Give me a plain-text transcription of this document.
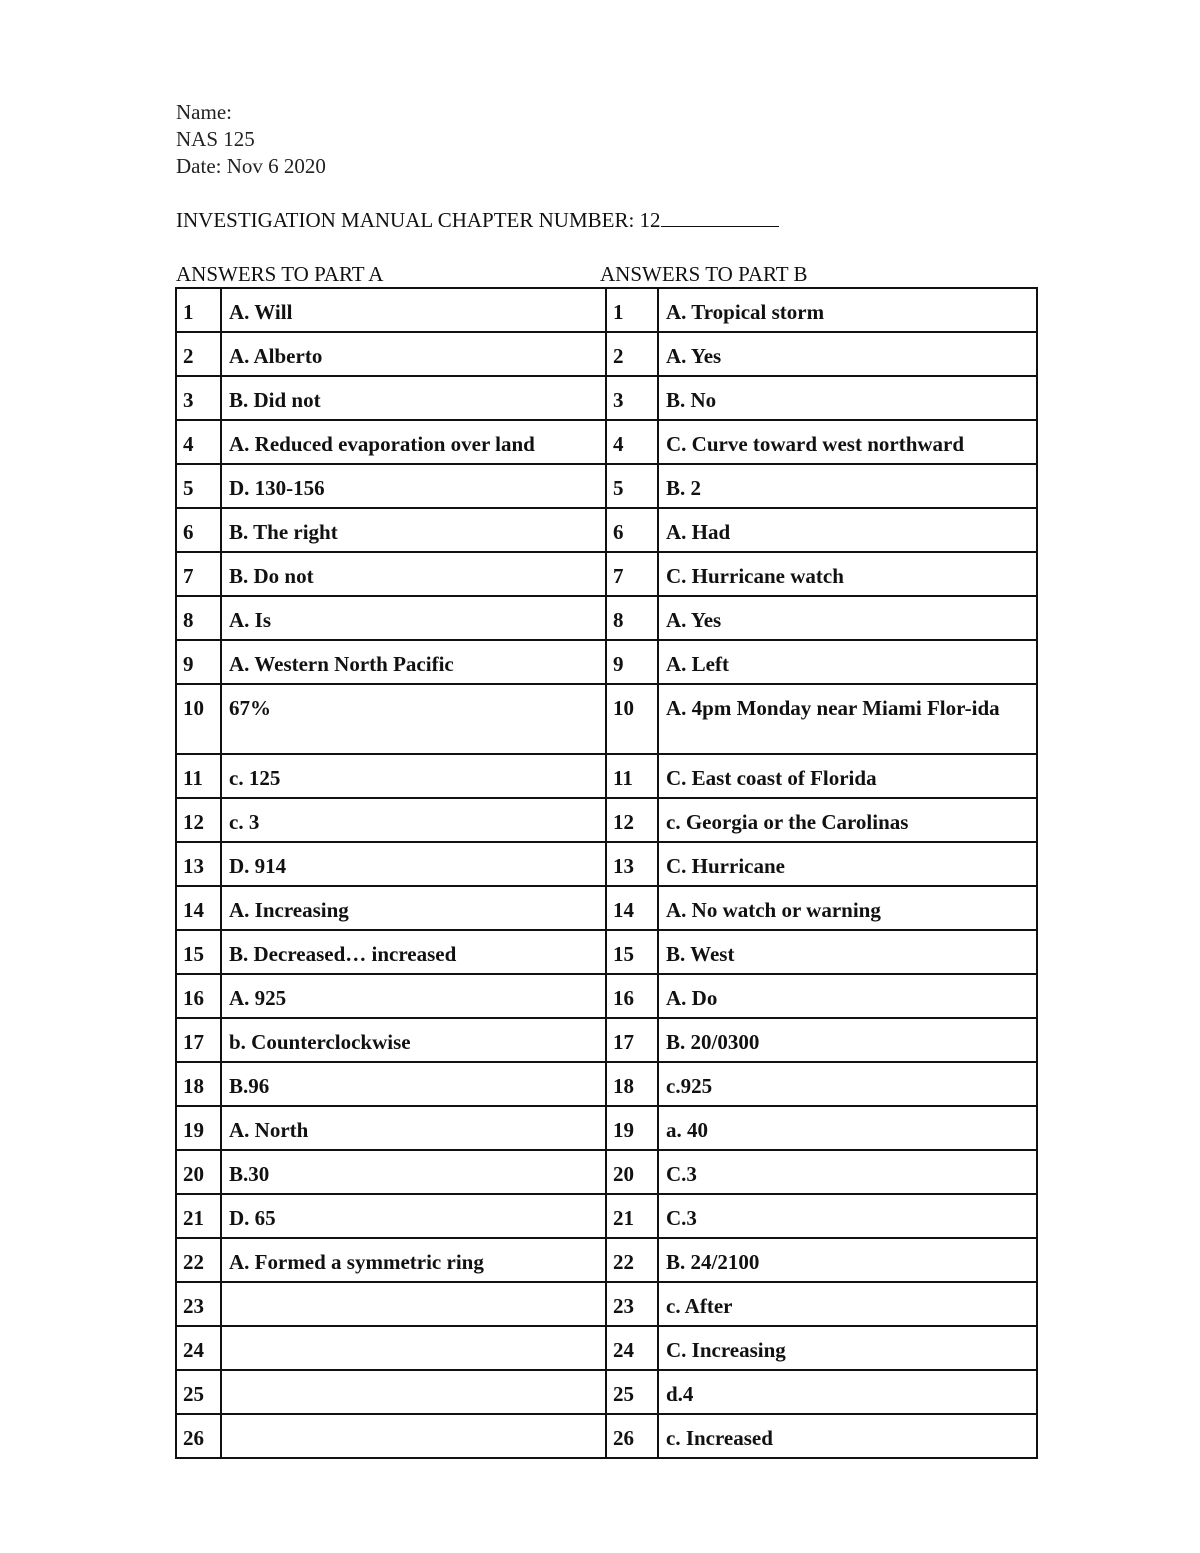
Name:
NAS 125
Date: Nov 6 2020
INVESTIGATION MANUAL CHAPTER NUMBER: 12
ANSWERS TO PART A	ANSWERS TO PART B
1	A. Will	1	A. Tropical storm
2	A. Alberto	2	A. Yes
3	B. Did not	3	B. No
4	A. Reduced evaporation over land	4	C. Curve toward west northward
5	D. 130-156	5	B. 2
6	B. The right	6	A. Had
7	B. Do not	7	C. Hurricane watch
8	A. Is	8	A. Yes
9	A. Western North Pacific	9	A. Left
10	67%	10	A. 4pm Monday near Miami Flor-ida
11	c. 125	11	C. East coast of Florida
12	c. 3	12	c. Georgia or the Carolinas
13	D. 914	13	C. Hurricane
14	A. Increasing	14	A. No watch or warning
15	B. Decreased… increased	15	B. West
16	A. 925	16	A. Do
17	b. Counterclockwise	17	B. 20/0300
18	B.96	18	c.925
19	A. North	19	a. 40
20	B.30	20	C.3
21	D. 65	21	C.3
22	A. Formed a symmetric ring	22	B. 24/2100
23		23	c. After
24		24	C. Increasing
25		25	d.4
26		26	c. Increased
